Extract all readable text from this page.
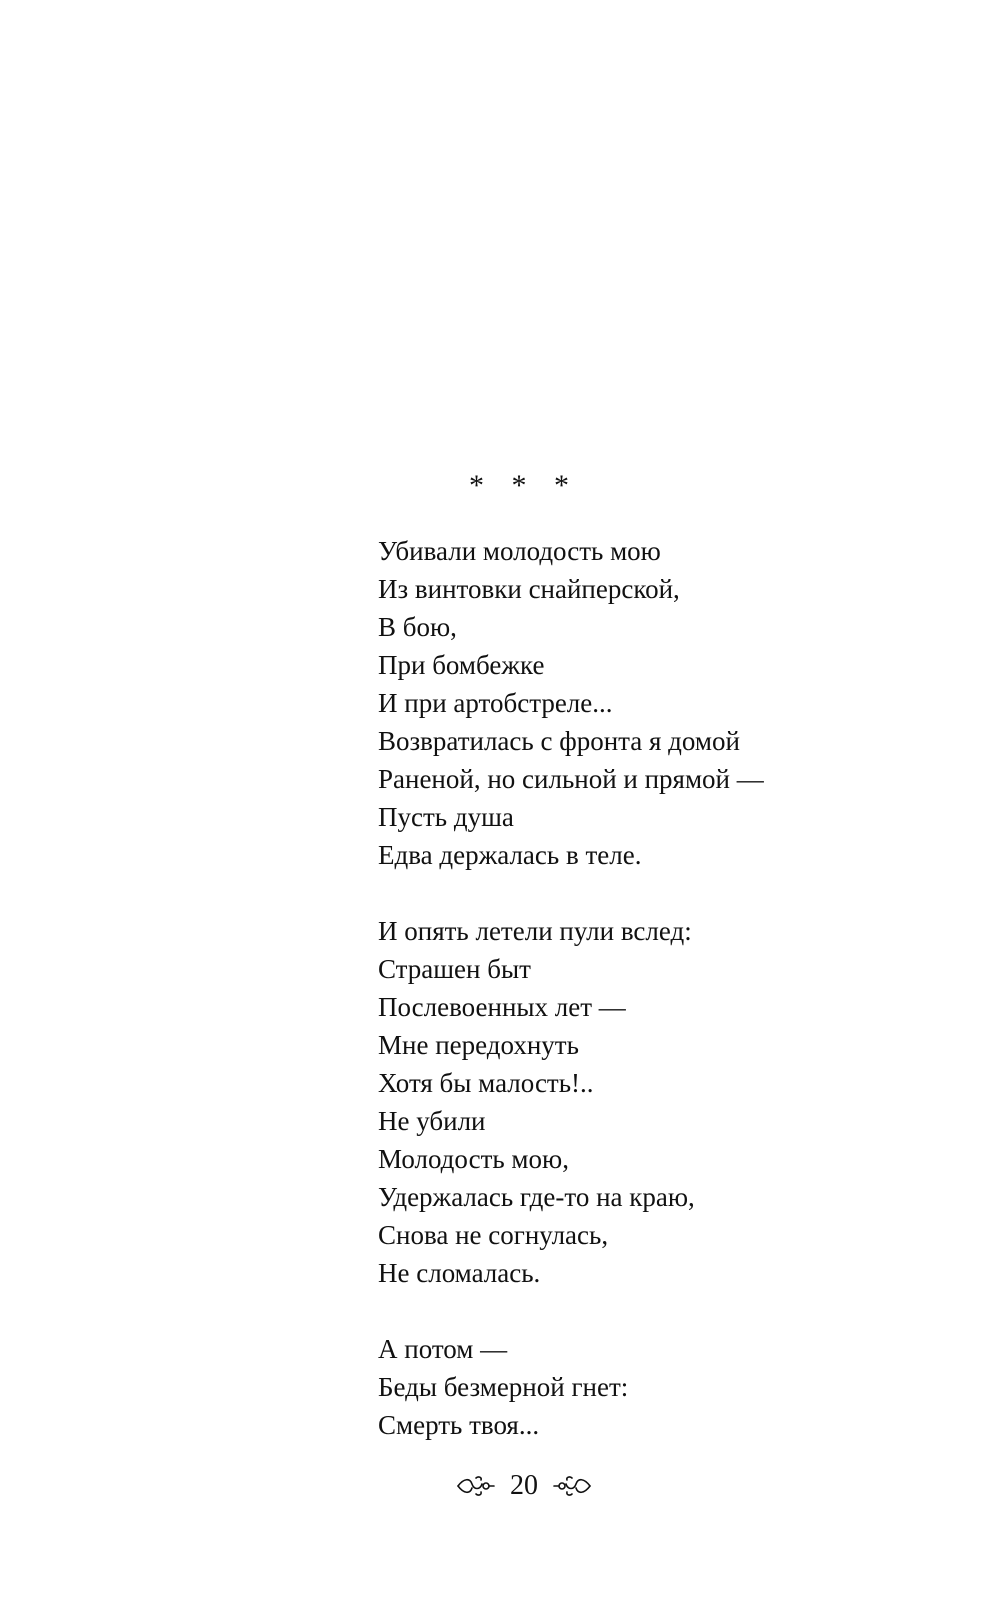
* * *
Убивали молодость мою
Из винтовки снайперской,
В бою,
При бомбежке
И при артобстреле...
Возвратилась с фронта я домой
Раненой, но сильной и прямой —
Пусть душа
Едва держалась в теле.
И опять летели пули вслед:
Страшен быт
Послевоенных лет —
Мне передохнуть
Хотя бы малость!..
Не убили
Молодость мою,
Удержалась где-то на краю,
Снова не согнулась,
Не сломалась.
А потом —
Беды безмерной гнет:
Смерть твоя...
20
